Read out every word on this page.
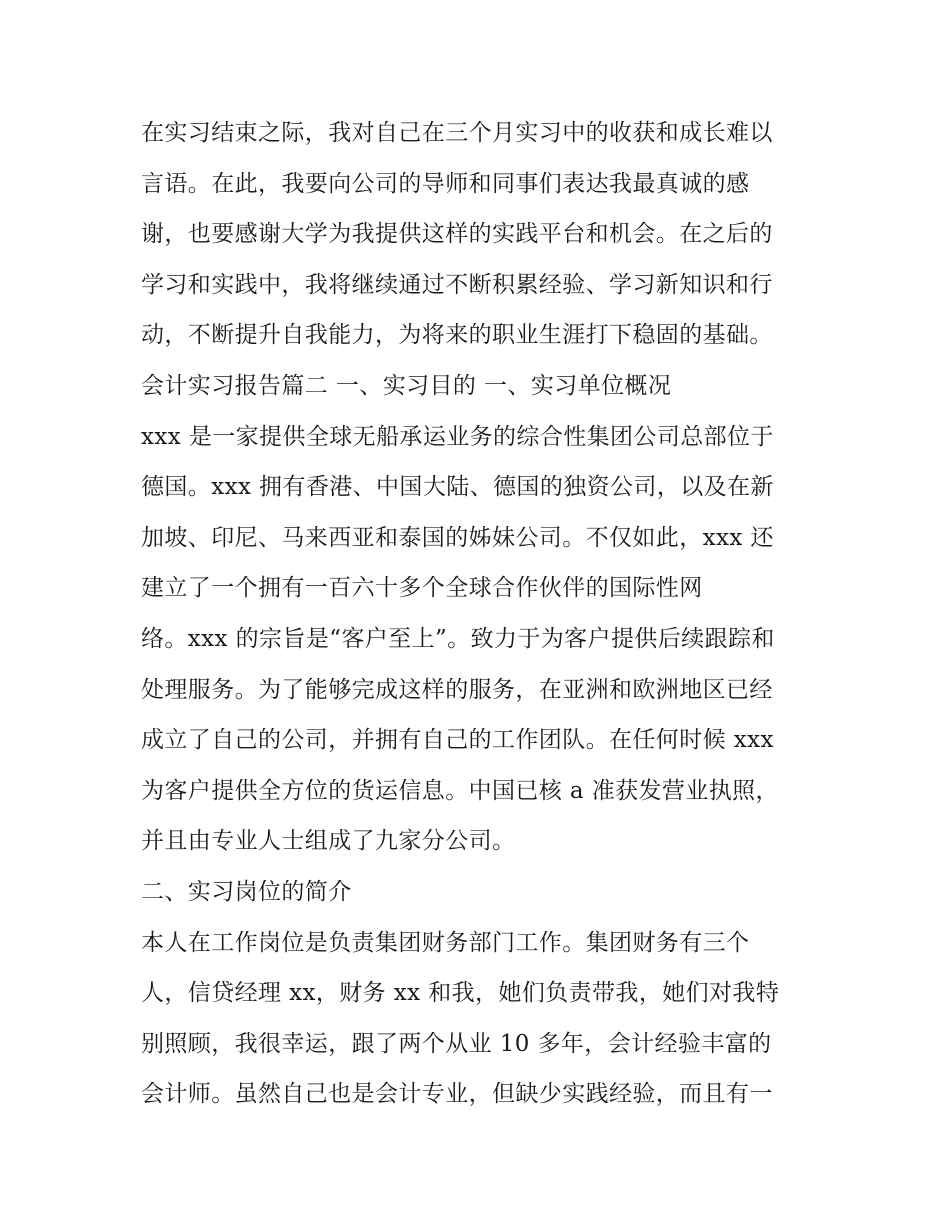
在实习结束之际，我对自己在三个月实习中的收获和成长难以
言语。在此，我要向公司的导师和同事们表达我最真诚的感
谢，也要感谢大学为我提供这样的实践平台和机会。在之后的
学习和实践中，我将继续通过不断积累经验、学习新知识和行
动，不断提升自我能力，为将来的职业生涯打下稳固的基础。
会计实习报告篇二 一、实习目的 一、实习单位概况
xxx 是一家提供全球无船承运业务的综合性集团公司总部位于
德国。xxx 拥有香港、中国大陆、德国的独资公司，以及在新
加坡、印尼、马来西亚和泰国的姊妹公司。不仅如此，xxx 还
建立了一个拥有一百六十多个全球合作伙伴的国际性网
络。xxx 的宗旨是“客户至上”。致力于为客户提供后续跟踪和
处理服务。为了能够完成这样的服务，在亚洲和欧洲地区已经
成立了自己的公司，并拥有自己的工作团队。在任何时候 xxx
为客户提供全方位的货运信息。中国已核 a 准获发营业执照，
并且由专业人士组成了九家分公司。
二、实习岗位的简介
本人在工作岗位是负责集团财务部门工作。集团财务有三个
人，信贷经理 xx，财务 xx 和我，她们负责带我，她们对我特
别照顾，我很幸运，跟了两个从业 10 多年，会计经验丰富的
会计师。虽然自己也是会计专业，但缺少实践经验，而且有一
